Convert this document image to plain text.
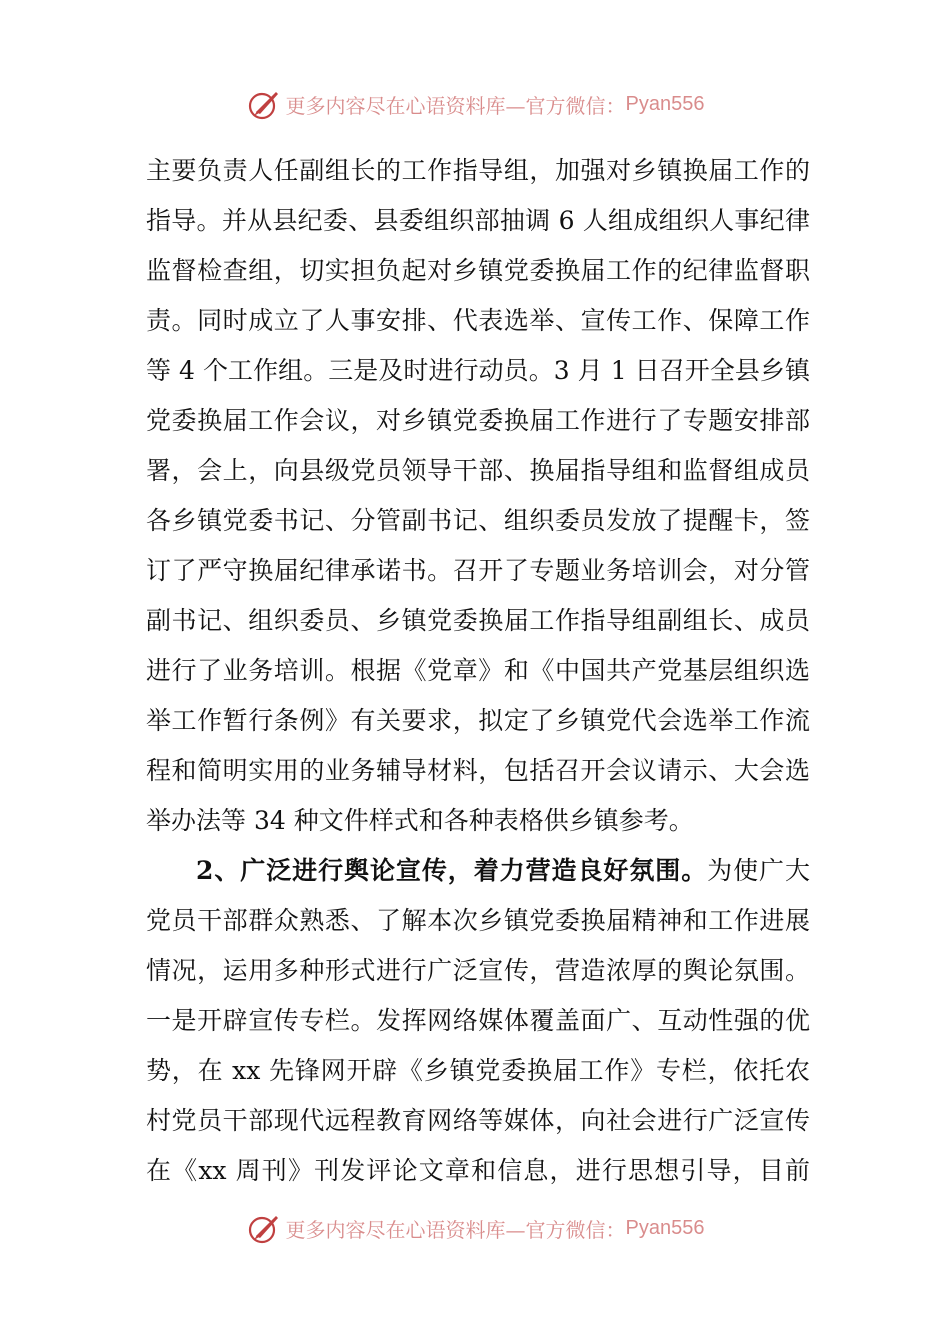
更多内容尽在心语资料库—官方微信： Pyan556
主要负责人任副组长的工作指导组，加强对乡镇换届工作的
指导。并从县纪委、县委组织部抽调 6 人组成组织人事纪律
监督检查组，切实担负起对乡镇党委换届工作的纪律监督职
责。同时成立了人事安排、代表选举、宣传工作、保障工作
等 4 个工作组。三是及时进行动员。3 月 1 日召开全县乡镇
党委换届工作会议，对乡镇党委换届工作进行了专题安排部
署，会上，向县级党员领导干部、换届指导组和监督组成员
各乡镇党委书记、分管副书记、组织委员发放了提醒卡，签
订了严守换届纪律承诺书。召开了专题业务培训会，对分管
副书记、组织委员、乡镇党委换届工作指导组副组长、成员
进行了业务培训。根据《党章》和《中国共产党基层组织选
举工作暂行条例》有关要求，拟定了乡镇党代会选举工作流
程和简明实用的业务辅导材料，包括召开会议请示、大会选
举办法等 34 种文件样式和各种表格供乡镇参考。
2、广泛进行舆论宣传，着力营造良好氛围。为使广大
党员干部群众熟悉、了解本次乡镇党委换届精神和工作进展
情况，运用多种形式进行广泛宣传，营造浓厚的舆论氛围。
一是开辟宣传专栏。发挥网络媒体覆盖面广、互动性强的优
势，在 xx 先锋网开辟《乡镇党委换届工作》专栏，依托农
村党员干部现代远程教育网络等媒体，向社会进行广泛宣传
在《xx 周刊》刊发评论文章和信息，进行思想引导，目前
更多内容尽在心语资料库—官方微信： Pyan556
